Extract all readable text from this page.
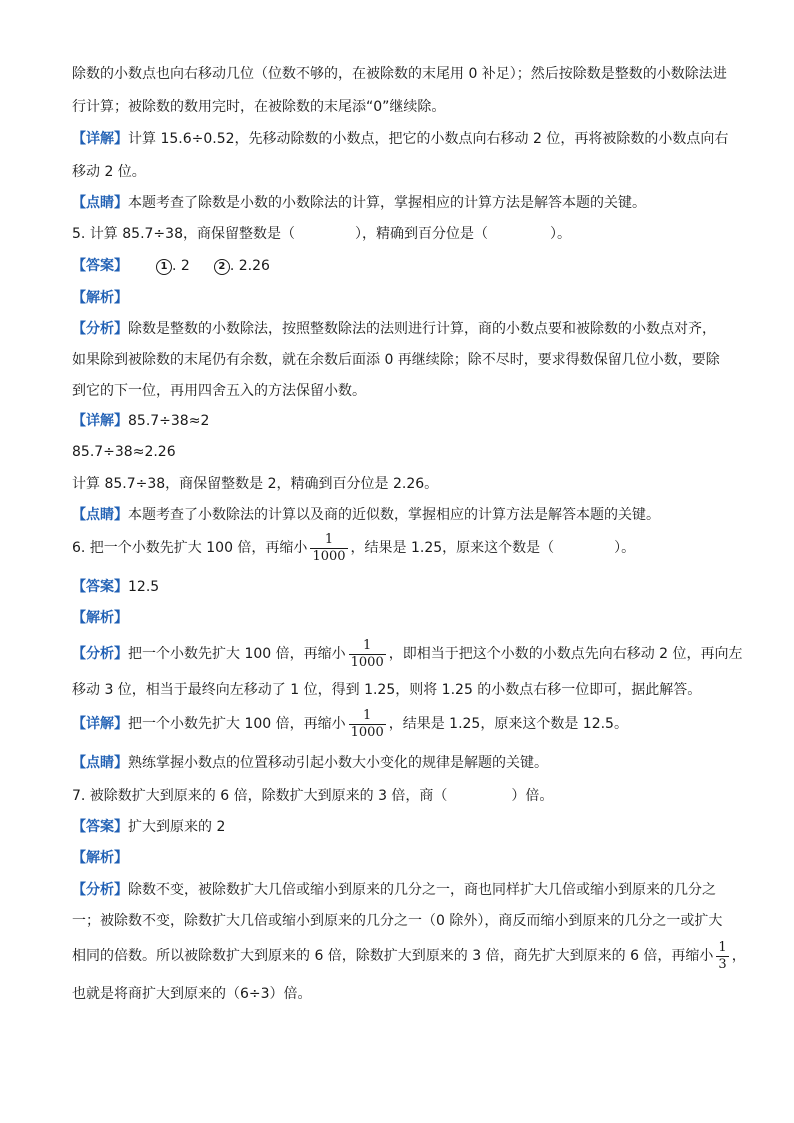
除数的小数点也向右移动几位（位数不够的，在被除数的末尾用 0 补足）；然后按除数是整数的小数除法进
行计算；被除数的数用完时，在被除数的末尾添“0”继续除。
【详解】计算 15.6÷0.52，先移动除数的小数点，把它的小数点向右移动 2 位，再将被除数的小数点向右
移动 2 位。
【点睛】本题考查了除数是小数的小数除法的计算，掌握相应的计算方法是解答本题的关键。
5. 计算 85.7÷38，商保留整数是（	），精确到百分位是（	）。
【答案】	1 . 2	2 . 2.26
【解析】
【分析】除数是整数的小数除法，按照整数除法的法则进行计算，商的小数点要和被除数的小数点对齐，
如果除到被除数的末尾仍有余数，就在余数后面添 0 再继续除；除不尽时，要求得数保留几位小数，要除
到它的下一位，再用四舍五入的方法保留小数。
【详解】85.7÷38≈2
85.7÷38≈2.26
计算 85.7÷38，商保留整数是 2，精确到百分位是 2.26。
【点睛】本题考查了小数除法的计算以及商的近似数，掌握相应的计算方法是解答本题的关键。
6. 把一个小数先扩大 100 倍，再缩小 $\frac{1}{1000}$ ，结果是 1.25，原来这个数是（	）。
【答案】12.5
【解析】
【分析】把一个小数先扩大 100 倍，再缩小 $\frac{1}{1000}$ ，即相当于把这个小数的小数点先向右移动 2 位，再向左
移动 3 位，相当于最终向左移动了 1 位，得到 1.25，则将 1.25 的小数点右移一位即可，据此解答。
【详解】把一个小数先扩大 100 倍，再缩小 $\frac{1}{1000}$ ，结果是 1.25，原来这个数是 12.5。
【点睛】熟练掌握小数点的位置移动引起小数大小变化的规律是解题的关键。
7. 被除数扩大到原来的 6 倍，除数扩大到原来的 3 倍，商（	）倍。
【答案】扩大到原来的 2
【解析】
【分析】除数不变，被除数扩大几倍或缩小到原来的几分之一，商也同样扩大几倍或缩小到原来的几分之
一；被除数不变，除数扩大几倍或缩小到原来的几分之一（0 除外），商反而缩小到原来的几分之一或扩大
相同的倍数。所以被除数扩大到原来的 6 倍，除数扩大到原来的 3 倍，商先扩大到原来的 6 倍，再缩小 $\frac{1}{3}$ ，
也就是将商扩大到原来的（6÷3）倍。
